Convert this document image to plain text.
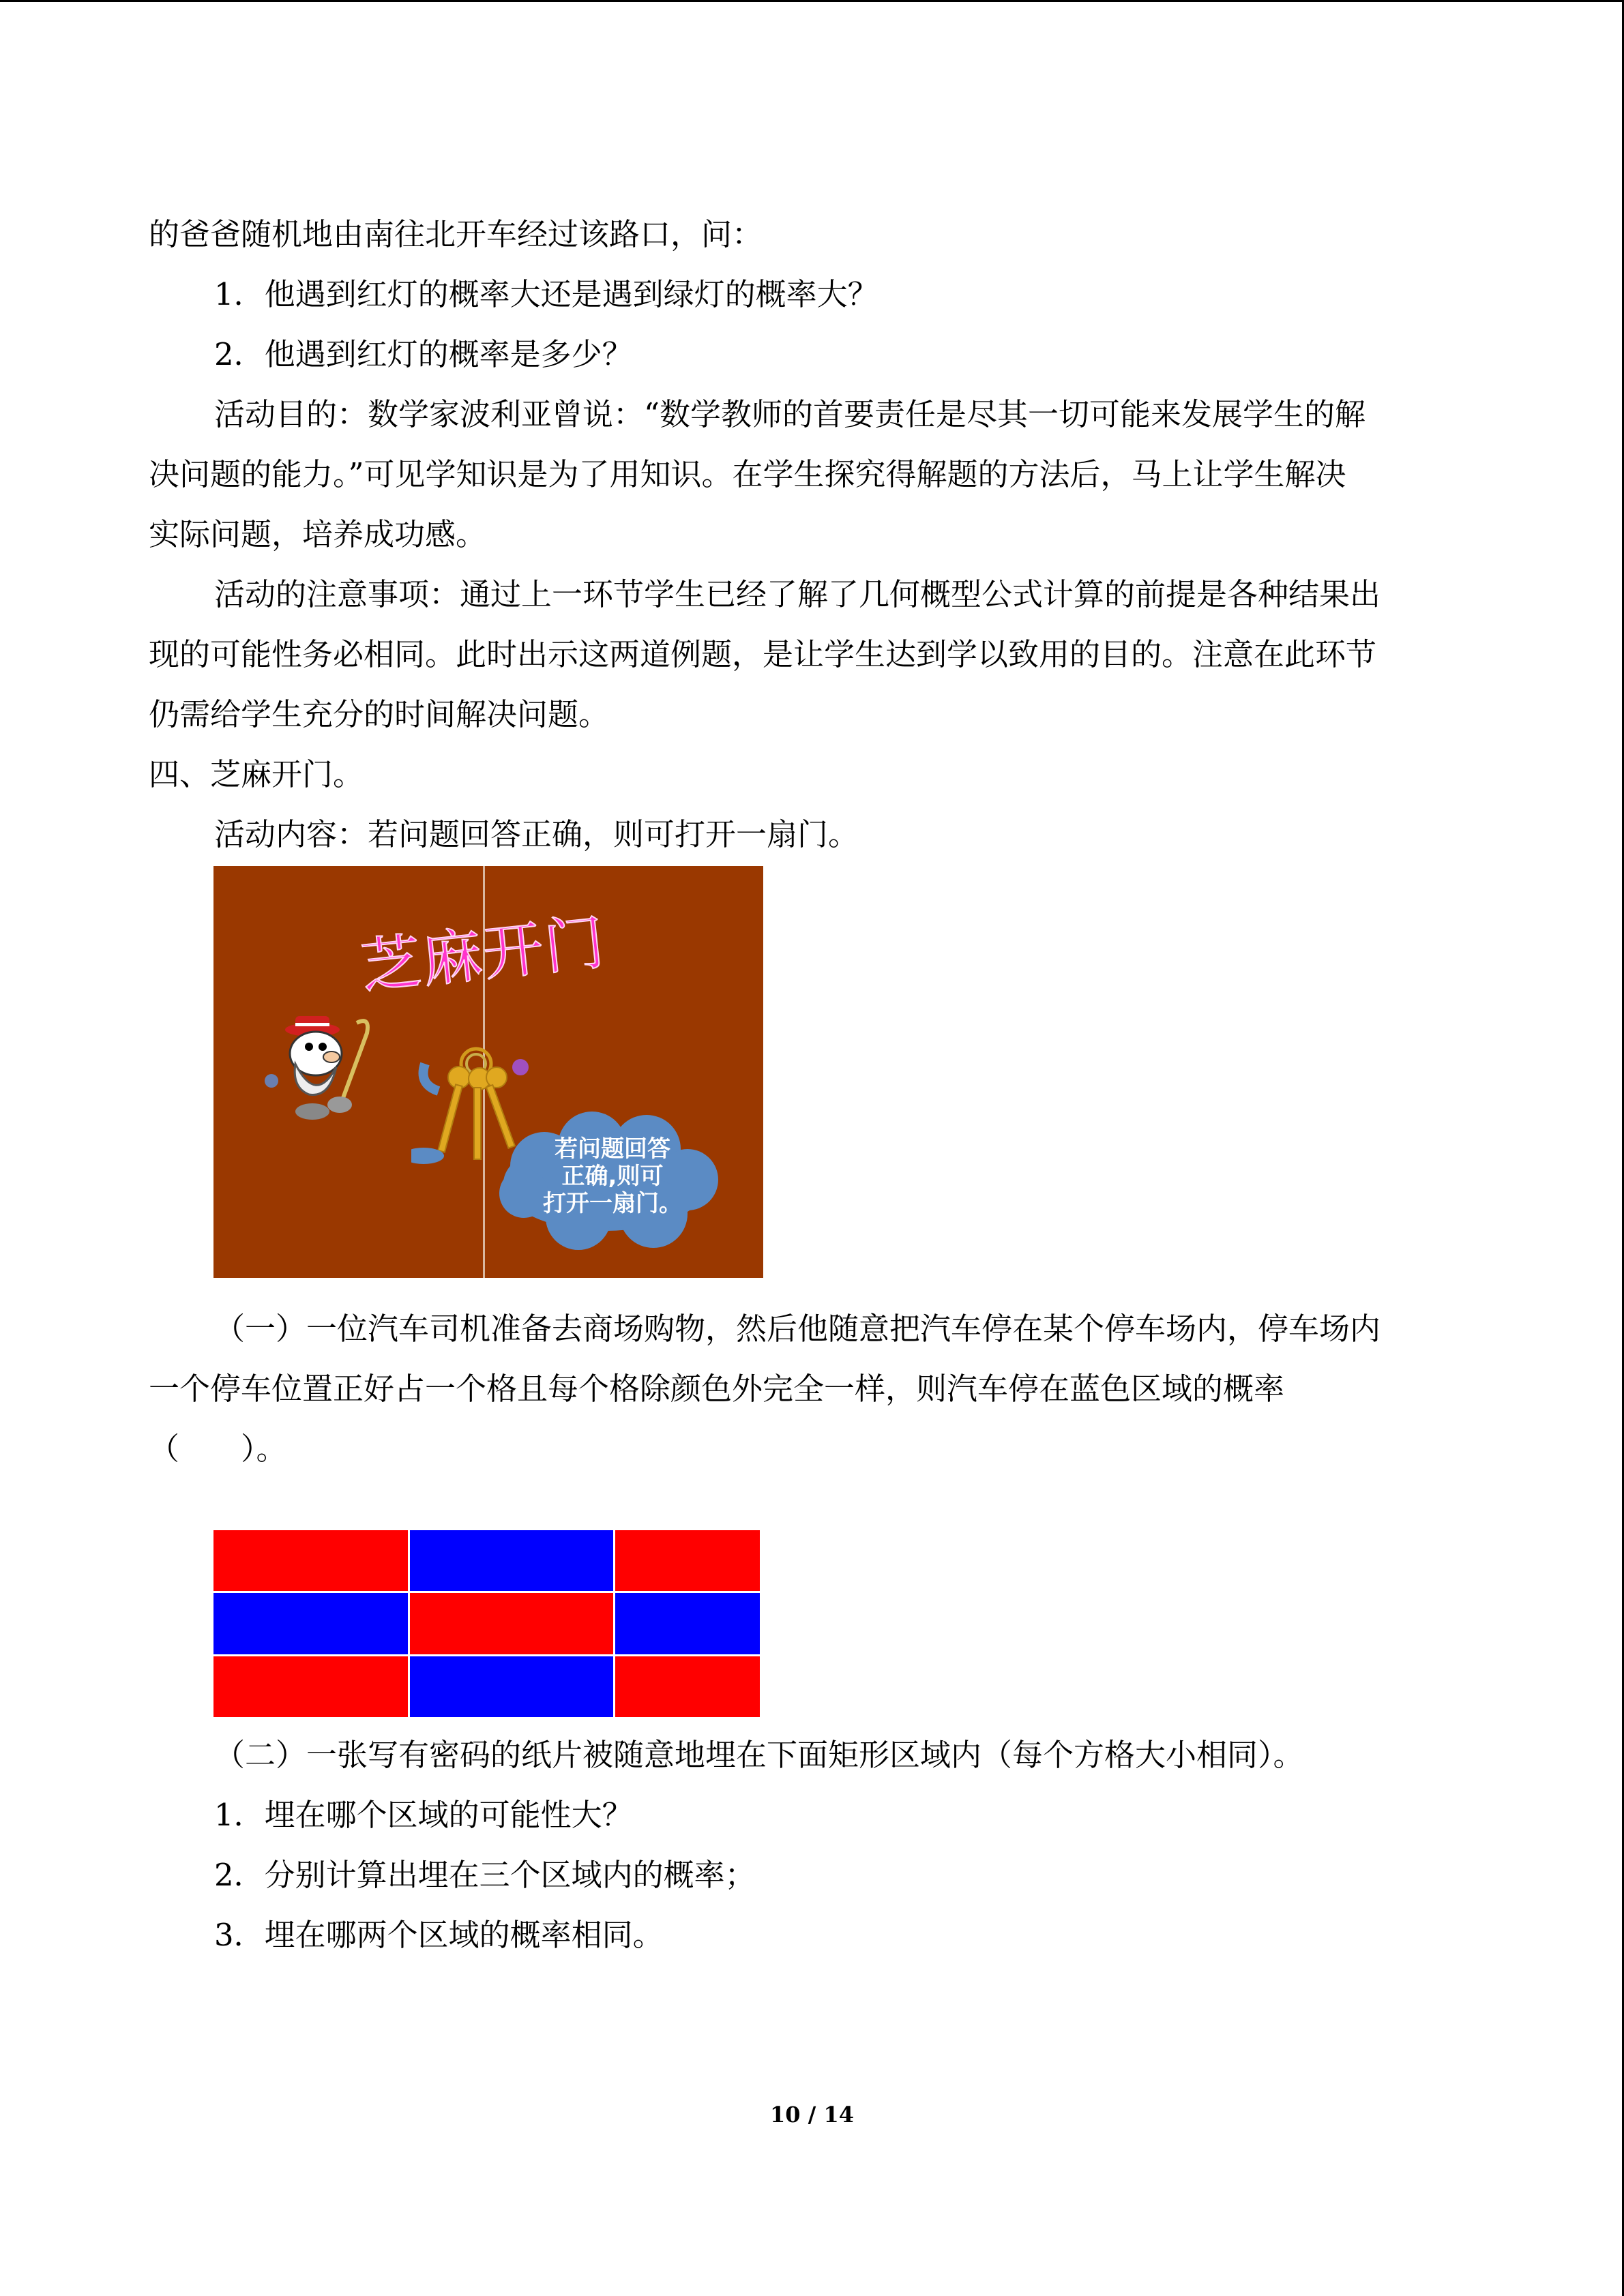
的爸爸随机地由南往北开车经过该路口，问：
1．他遇到红灯的概率大还是遇到绿灯的概率大？
2．他遇到红灯的概率是多少？
活动目的：数学家波利亚曾说：“数学教师的首要责任是尽其一切可能来发展学生的解
决问题的能力。”可见学知识是为了用知识。在学生探究得解题的方法后，马上让学生解决
实际问题，培养成功感。
活动的注意事项：通过上一环节学生已经了解了几何概型公式计算的前提是各种结果出
现的可能性务必相同。此时出示这两道例题，是让学生达到学以致用的目的。注意在此环节
仍需给学生充分的时间解决问题。
四、芝麻开门。
活动内容：若问题回答正确，则可打开一扇门。
芝麻开门
若问题回答
正确,则可
打开一扇门。
（一）一位汽车司机准备去商场购物，然后他随意把汽车停在某个停车场内，停车场内
一个停车位置正好占一个格且每个格除颜色外完全一样，则汽车停在蓝色区域的概率
（　　）。
（二）一张写有密码的纸片被随意地埋在下面矩形区域内（每个方格大小相同）。
1．埋在哪个区域的可能性大？
2．分别计算出埋在三个区域内的概率；
3．埋在哪两个区域的概率相同。
10 / 14
